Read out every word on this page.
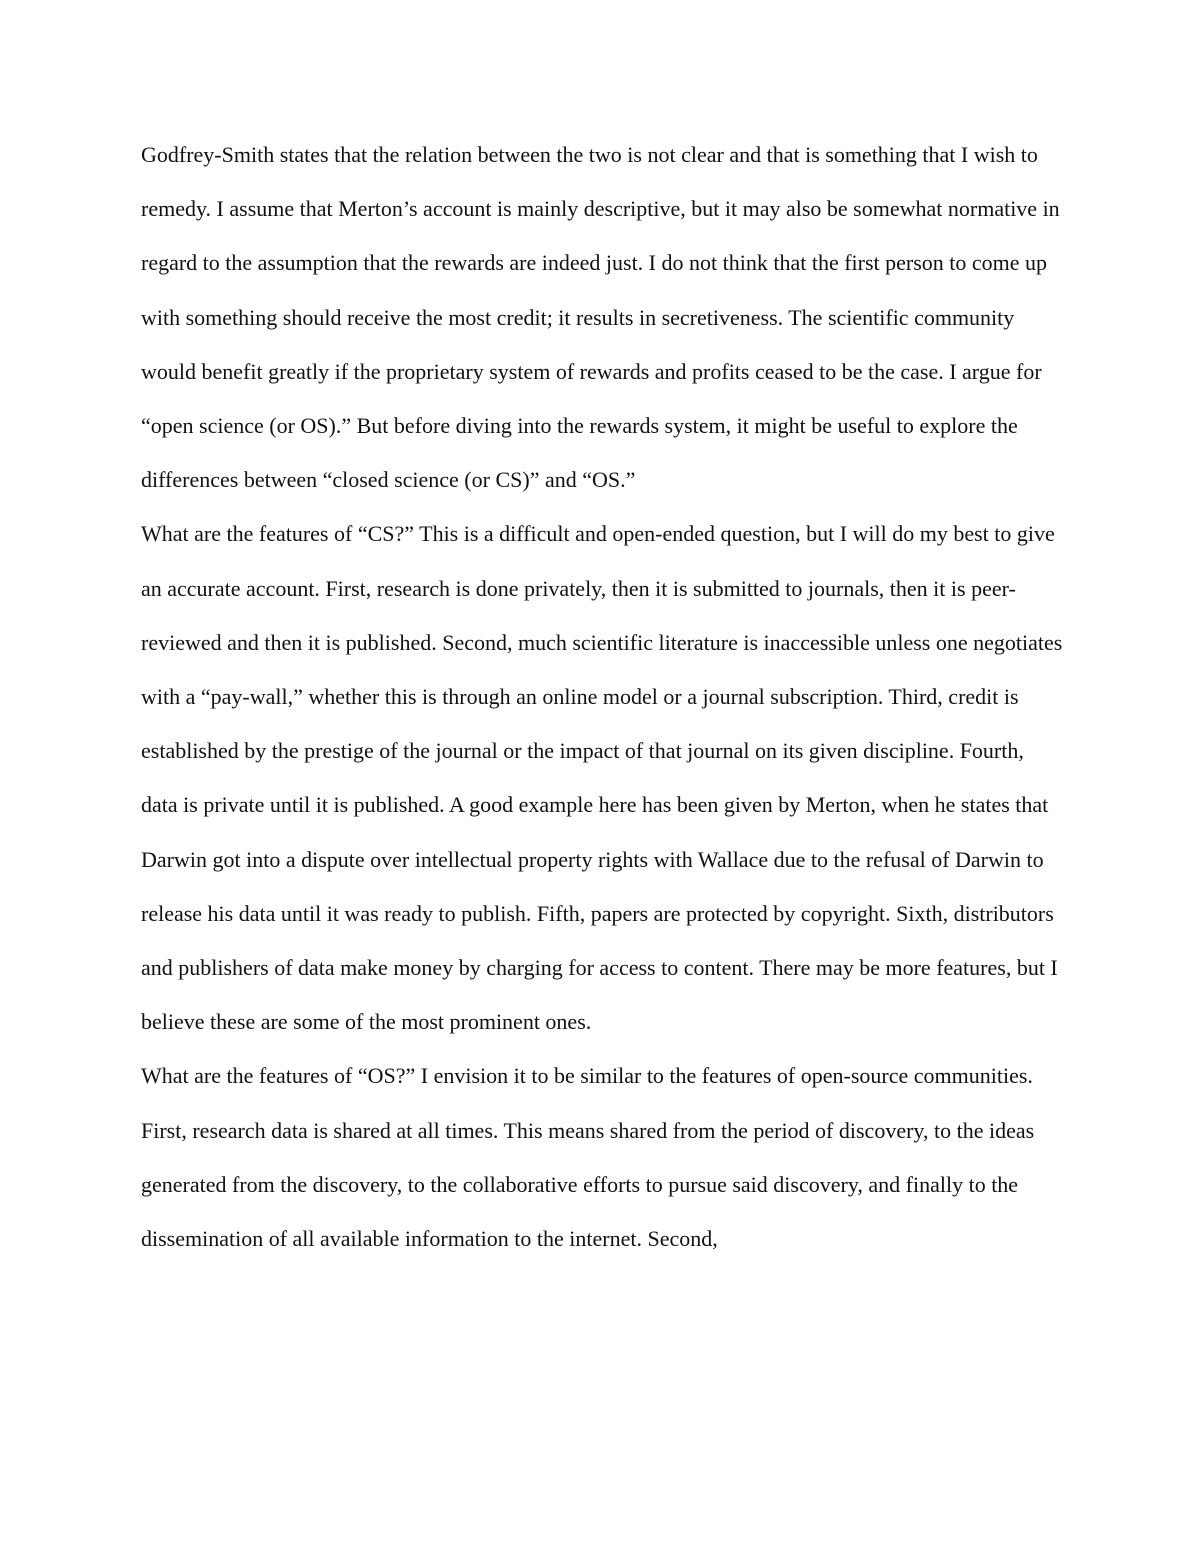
Godfrey-Smith states that the relation between the two is not clear and that is something that I wish to remedy. I assume that Merton’s account is mainly descriptive, but it may also be somewhat normative in regard to the assumption that the rewards are indeed just. I do not think that the first person to come up with something should receive the most credit; it results in secretiveness. The scientific community would benefit greatly if the proprietary system of rewards and profits ceased to be the case. I argue for “open science (or OS).” But before diving into the rewards system, it might be useful to explore the differences between “closed science (or CS)” and “OS.”

What are the features of “CS?” This is a difficult and open-ended question, but I will do my best to give an accurate account. First, research is done privately, then it is submitted to journals, then it is peer-reviewed and then it is published. Second, much scientific literature is inaccessible unless one negotiates with a “pay-wall,” whether this is through an online model or a journal subscription. Third, credit is established by the prestige of the journal or the impact of that journal on its given discipline. Fourth, data is private until it is published. A good example here has been given by Merton, when he states that Darwin got into a dispute over intellectual property rights with Wallace due to the refusal of Darwin to release his data until it was ready to publish. Fifth, papers are protected by copyright. Sixth, distributors and publishers of data make money by charging for access to content. There may be more features, but I believe these are some of the most prominent ones.

What are the features of “OS?” I envision it to be similar to the features of open-source communities. First, research data is shared at all times. This means shared from the period of discovery, to the ideas generated from the discovery, to the collaborative efforts to pursue said discovery, and finally to the dissemination of all available information to the internet. Second,
